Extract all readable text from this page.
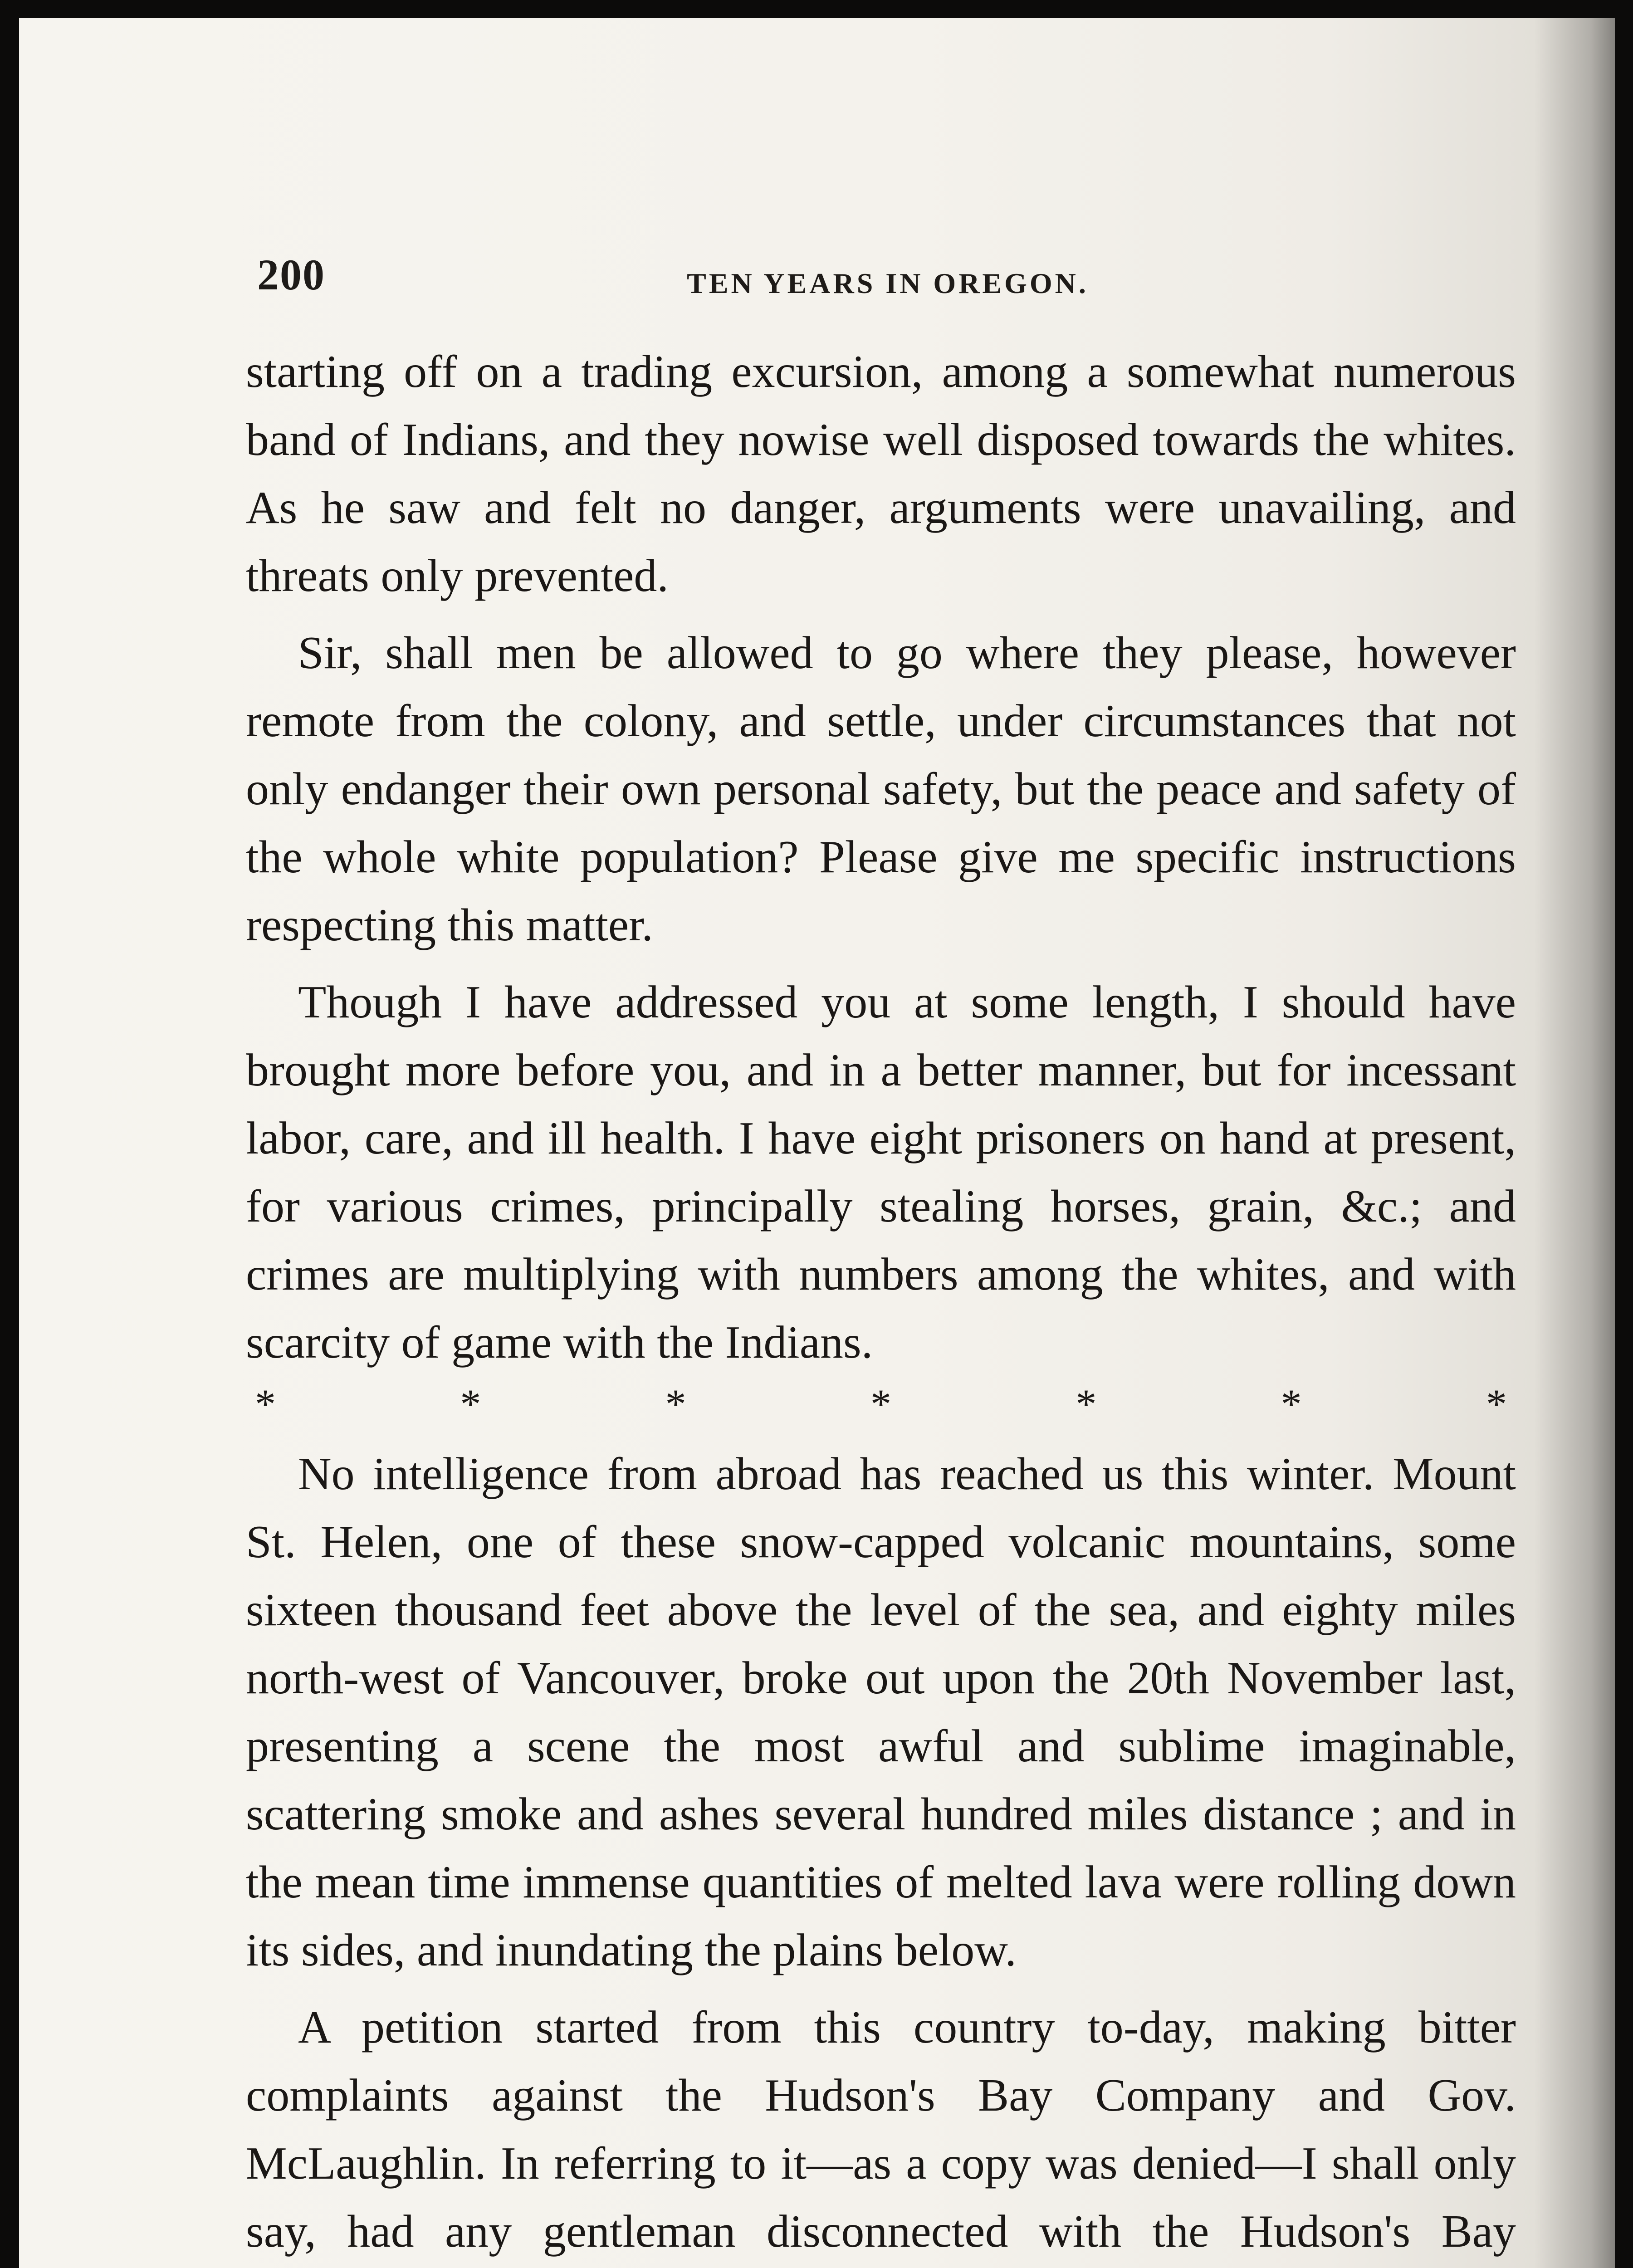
200	TEN YEARS IN OREGON.

starting off on a trading excursion, among a somewhat numerous band of Indians, and they nowise well disposed towards the whites. As he saw and felt no danger, arguments were unavailing, and threats only prevented.

Sir, shall men be allowed to go where they please, however remote from the colony, and settle, under circumstances that not only endanger their own personal safety, but the peace and safety of the whole white population? Please give me specific instructions respecting this matter.

Though I have addressed you at some length, I should have brought more before you, and in a better manner, but for incessant labor, care, and ill health. I have eight prisoners on hand at present, for various crimes, principally stealing horses, grain, &c.; and crimes are multiplying with numbers among the whites, and with scarcity of game with the Indians.

*	*	*	*	*	*	*

No intelligence from abroad has reached us this winter. Mount St. Helen, one of these snow-capped volcanic mountains, some sixteen thousand feet above the level of the sea, and eighty miles north-west of Vancouver, broke out upon the 20th November last, presenting a scene the most awful and sublime imaginable, scattering smoke and ashes several hundred miles distance ; and in the mean time immense quantities of melted lava were rolling down its sides, and inundating the plains below.

A petition started from this country to-day, making bitter complaints against the Hudson's Bay Company and Gov. McLaughlin. In referring to it—as a copy was denied—I shall only say, had any gentleman disconnected with the Hudson's Bay
